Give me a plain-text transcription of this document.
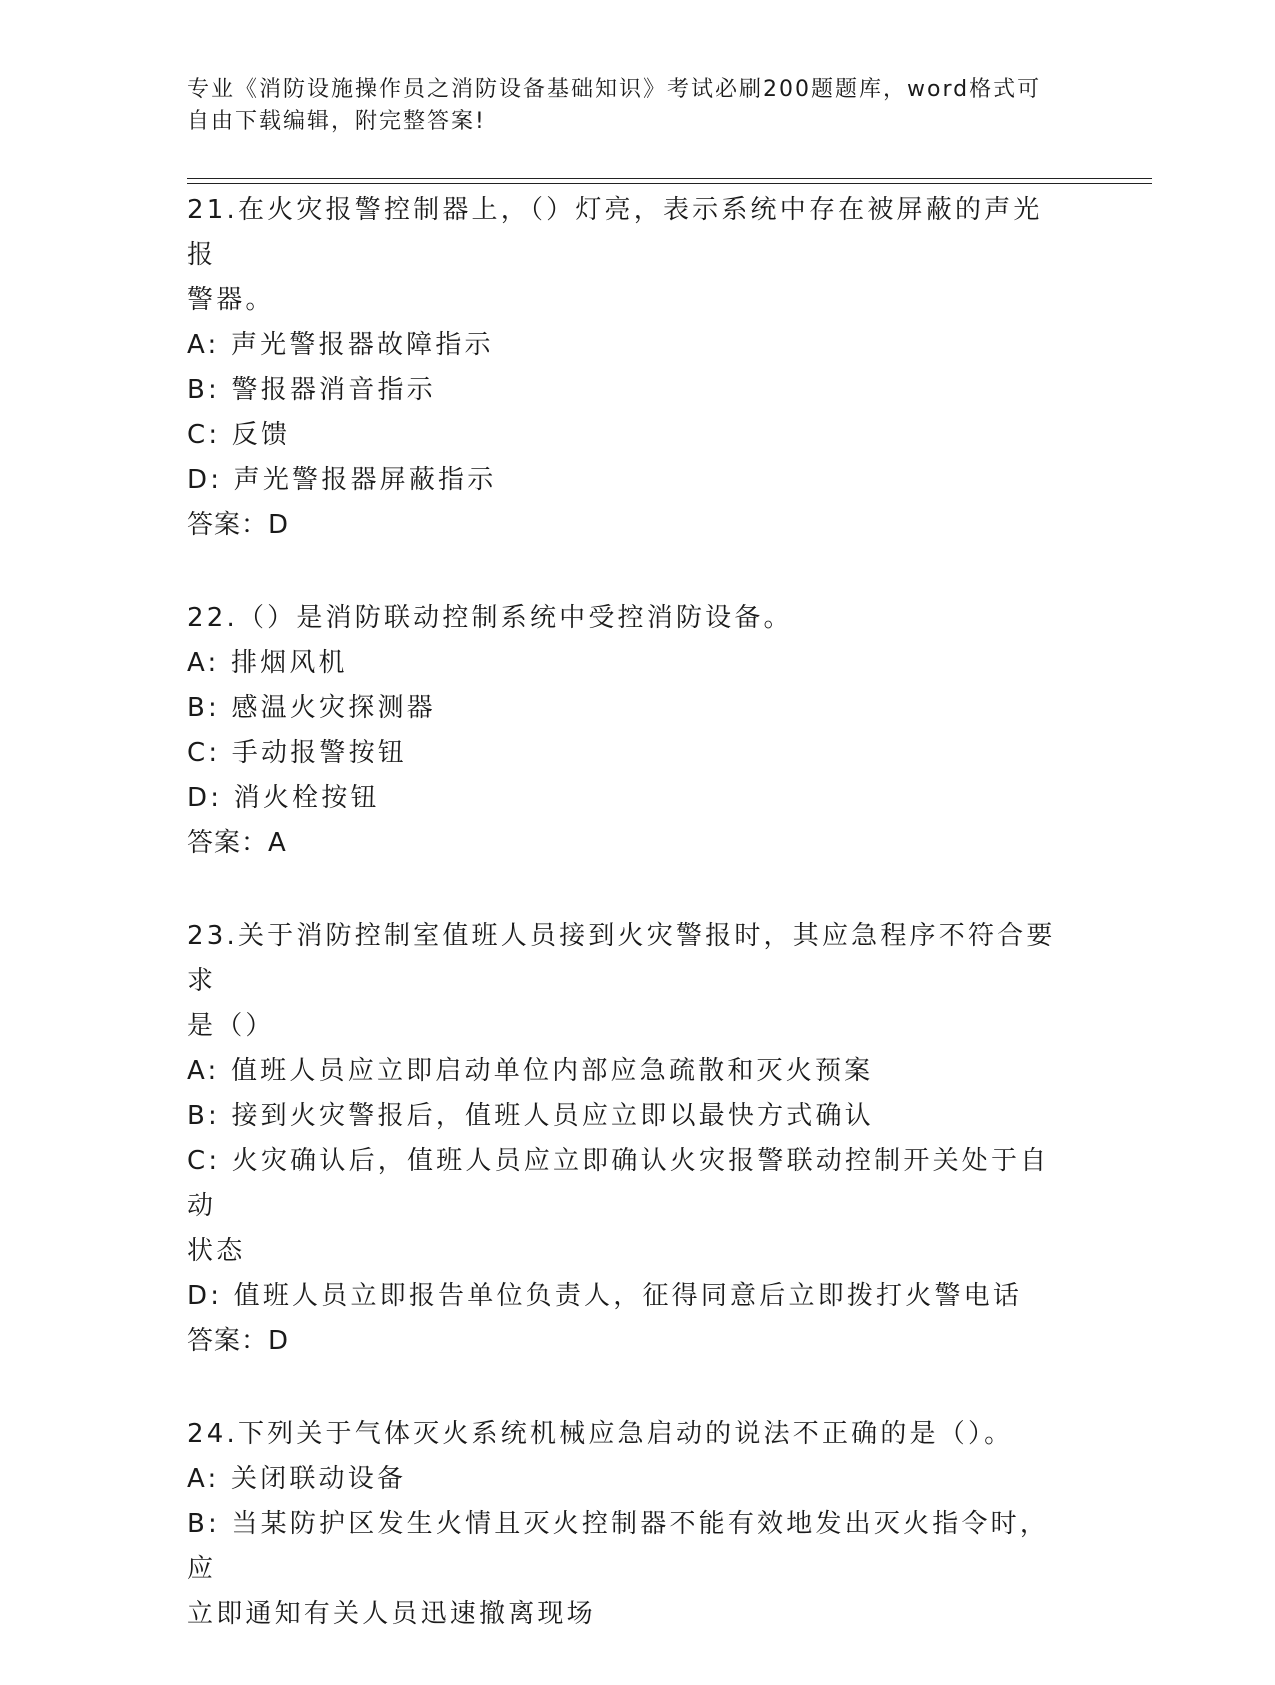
专业《消防设施操作员之消防设备基础知识》考试必刷200题题库，word格式可
自由下载编辑，附完整答案!

21.在火灾报警控制器上，（）灯亮，表示系统中存在被屏蔽的声光报

警器。

A: 声光警报器故障指示

B: 警报器消音指示

C: 反馈

D: 声光警报器屏蔽指示

答案：D

22.（）是消防联动控制系统中受控消防设备。

A: 排烟风机

B: 感温火灾探测器

C: 手动报警按钮

D: 消火栓按钮

答案：A

23.关于消防控制室值班人员接到火灾警报时，其应急程序不符合要求

是（）

A: 值班人员应立即启动单位内部应急疏散和灭火预案

B: 接到火灾警报后，值班人员应立即以最快方式确认

C: 火灾确认后，值班人员应立即确认火灾报警联动控制开关处于自动

状态

D: 值班人员立即报告单位负责人，征得同意后立即拨打火警电话

答案：D

24.下列关于气体灭火系统机械应急启动的说法不正确的是（）。

A: 关闭联动设备

B: 当某防护区发生火情且灭火控制器不能有效地发出灭火指令时，应

立即通知有关人员迅速撤离现场
